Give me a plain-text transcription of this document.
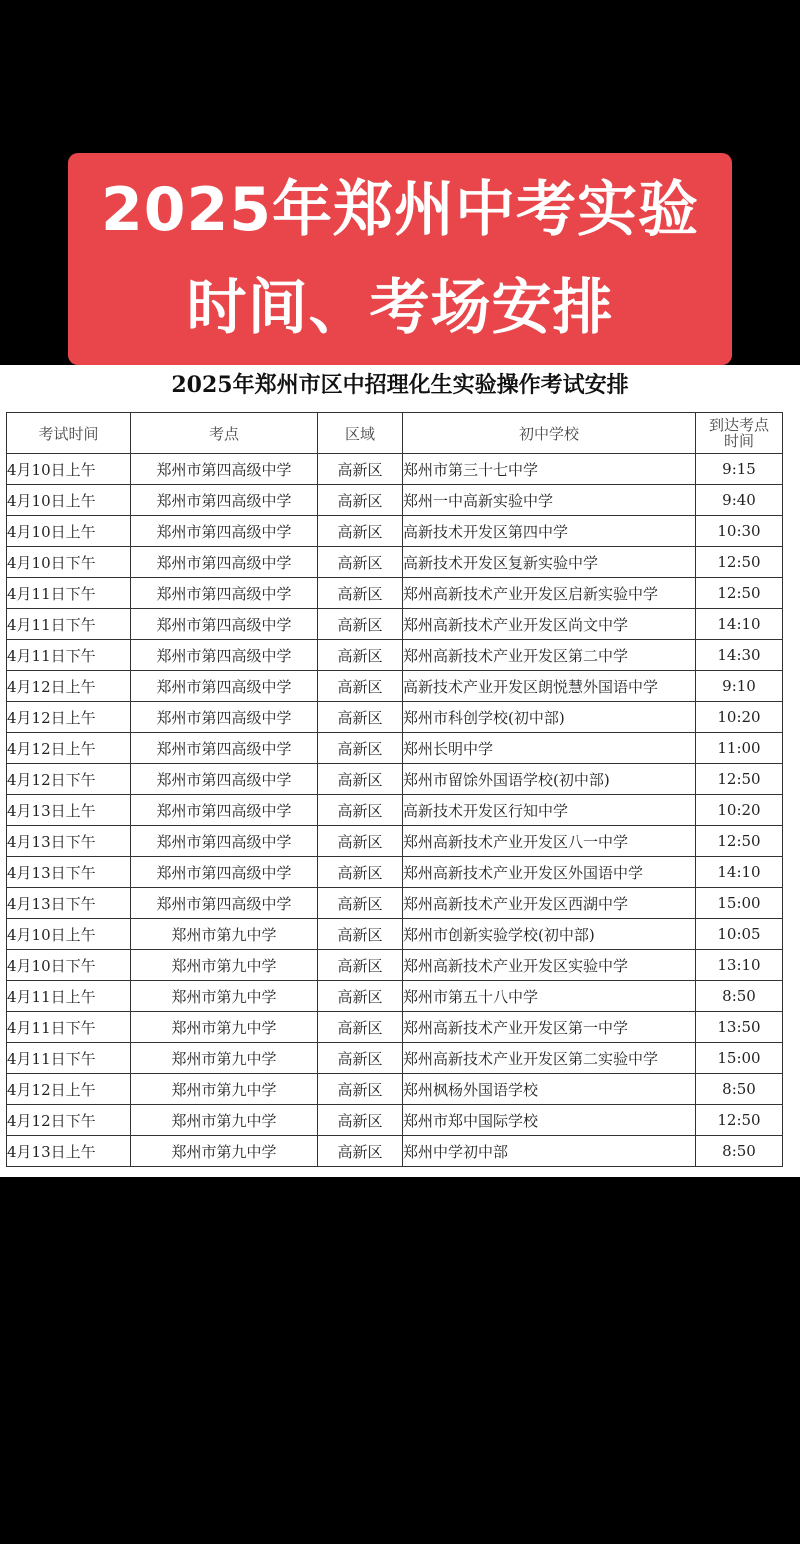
2025年郑州中考实验
时间、考场安排
2025年郑州市区中招理化生实验操作考试安排
考试时间	考点	区域	初中学校	到达考点
时间

4月10日上午	郑州市第四高级中学	高新区	郑州市第三十七中学	9:15
4月10日上午	郑州市第四高级中学	高新区	郑州一中高新实验中学	9:40
4月10日上午	郑州市第四高级中学	高新区	高新技术开发区第四中学	10:30
4月10日下午	郑州市第四高级中学	高新区	高新技术开发区复新实验中学	12:50
4月11日下午	郑州市第四高级中学	高新区	郑州高新技术产业开发区启新实验中学	12:50
4月11日下午	郑州市第四高级中学	高新区	郑州高新技术产业开发区尚文中学	14:10
4月11日下午	郑州市第四高级中学	高新区	郑州高新技术产业开发区第二中学	14:30
4月12日上午	郑州市第四高级中学	高新区	高新技术产业开发区朗悦慧外国语中学	9:10
4月12日上午	郑州市第四高级中学	高新区	郑州市科创学校(初中部)	10:20
4月12日上午	郑州市第四高级中学	高新区	郑州长明中学	11:00
4月12日下午	郑州市第四高级中学	高新区	郑州市留馀外国语学校(初中部)	12:50
4月13日上午	郑州市第四高级中学	高新区	高新技术开发区行知中学	10:20
4月13日下午	郑州市第四高级中学	高新区	郑州高新技术产业开发区八一中学	12:50
4月13日下午	郑州市第四高级中学	高新区	郑州高新技术产业开发区外国语中学	14:10
4月13日下午	郑州市第四高级中学	高新区	郑州高新技术产业开发区西湖中学	15:00
4月10日上午	郑州市第九中学	高新区	郑州市创新实验学校(初中部)	10:05
4月10日下午	郑州市第九中学	高新区	郑州高新技术产业开发区实验中学	13:10
4月11日上午	郑州市第九中学	高新区	郑州市第五十八中学	8:50
4月11日下午	郑州市第九中学	高新区	郑州高新技术产业开发区第一中学	13:50
4月11日下午	郑州市第九中学	高新区	郑州高新技术产业开发区第二实验中学	15:00
4月12日上午	郑州市第九中学	高新区	郑州枫杨外国语学校	8:50
4月12日下午	郑州市第九中学	高新区	郑州市郑中国际学校	12:50
4月13日上午	郑州市第九中学	高新区	郑州中学初中部	8:50
